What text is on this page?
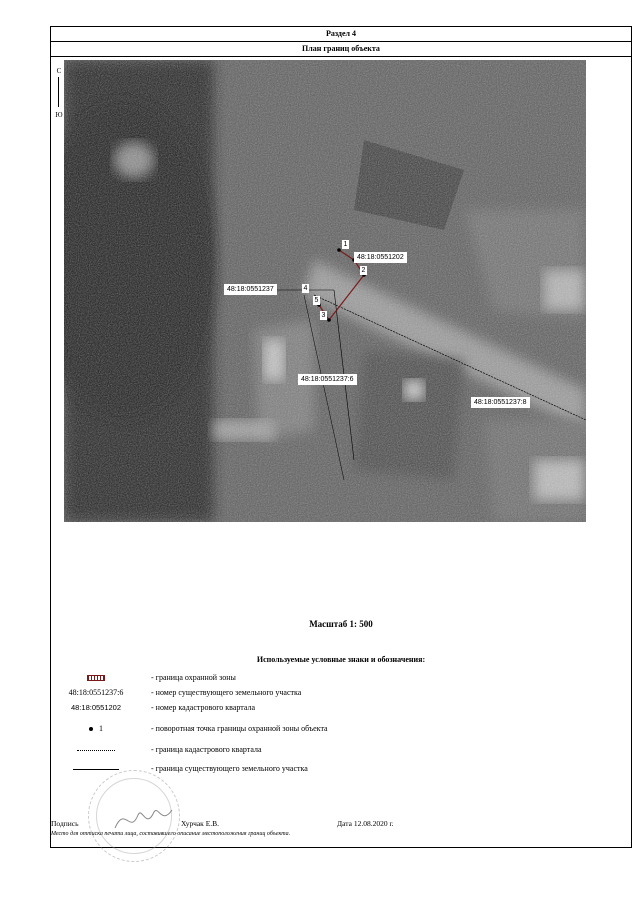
Раздел 4
План границ объекта
С
Ю
48:18:0551202
48:18:0551237
48:18:0551237:6
48:18:0551237:8
1
2
3
4
5
Масштаб 1: 500
Используемые условные знаки и обозначения:
- граница охранной зоны
48:18:0551237:6	- номер существующего земельного участка
48:18:0551202	- номер кадастрового квартала
1	- поворотная точка границы охранной зоны объекта
- граница кадастрового квартала
- граница существующего земельного участка
Подпись	Хурчак Е.В.	Дата 12.08.2020 г.
Место для оттиска печати лица, составившего описание местоположения границ объекта.
